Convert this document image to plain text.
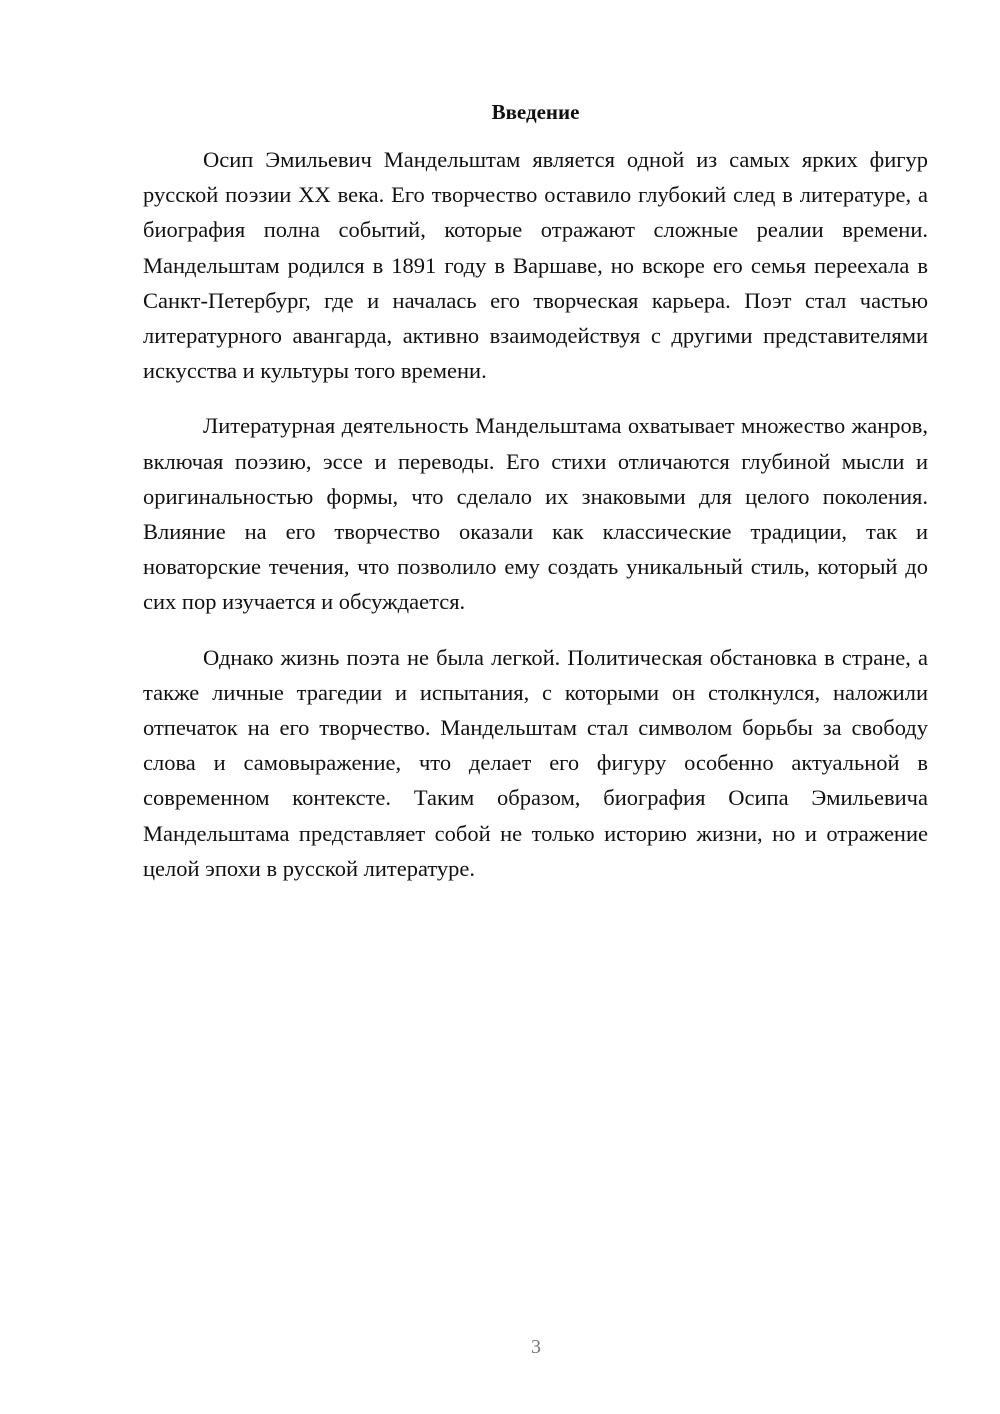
Введение

Осип Эмильевич Мандельштам является одной из самых ярких фигур русской поэзии XX века. Его творчество оставило глубокий след в литературе, а биография полна событий, которые отражают сложные реалии времени. Мандельштам родился в 1891 году в Варшаве, но вскоре его семья переехала в Санкт-Петербург, где и началась его творческая карьера. Поэт стал частью литературного авангарда, активно взаимодействуя с другими представителями искусства и культуры того времени.

Литературная деятельность Мандельштама охватывает множество жанров, включая поэзию, эссе и переводы. Его стихи отличаются глубиной мысли и оригинальностью формы, что сделало их знаковыми для целого поколения. Влияние на его творчество оказали как классические традиции, так и новаторские течения, что позволило ему создать уникальный стиль, который до сих пор изучается и обсуждается.

Однако жизнь поэта не была легкой. Политическая обстановка в стране, а также личные трагедии и испытания, с которыми он столкнулся, наложили отпечаток на его творчество. Мандельштам стал символом борьбы за свободу слова и самовыражение, что делает его фигуру особенно актуальной в современном контексте. Таким образом, биография Осипа Эмильевича Мандельштама представляет собой не только историю жизни, но и отражение целой эпохи в русской литературе.

3
